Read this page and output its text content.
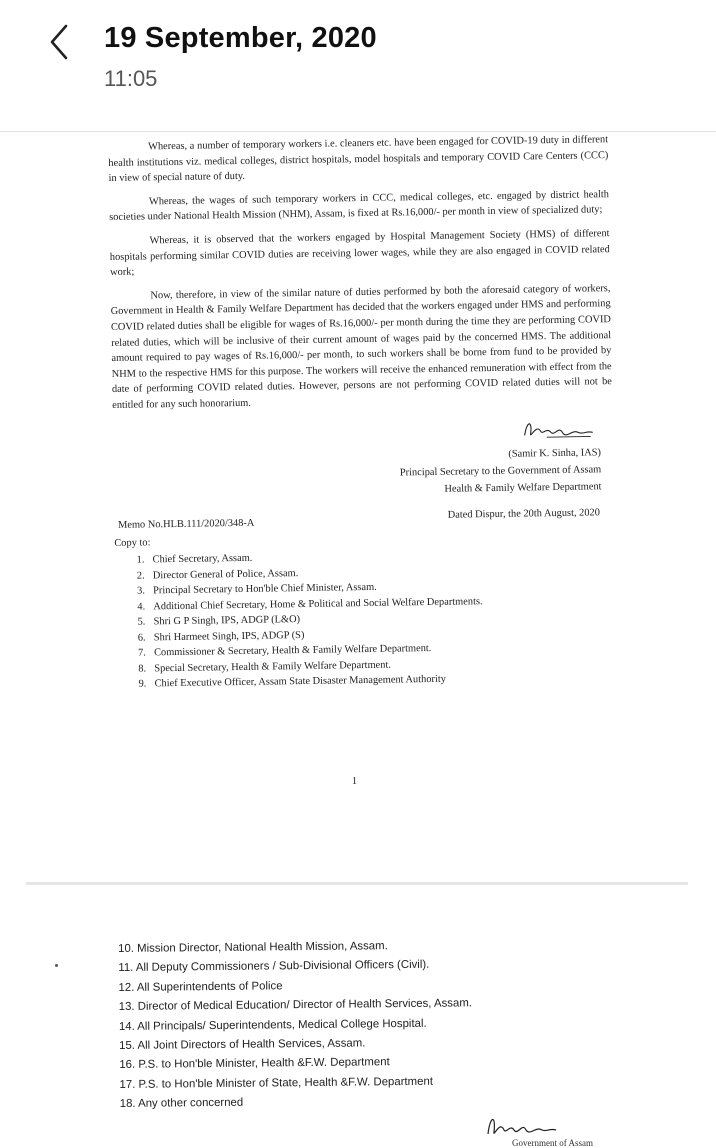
19 September, 2020
11:05

Whereas, a number of temporary workers i.e. cleaners etc. have been engaged for COVID-19 duty in different health institutions viz. medical colleges, district hospitals, model hospitals and temporary COVID Care Centers (CCC) in view of special nature of duty.

Whereas, the wages of such temporary workers in CCC, medical colleges, etc. engaged by district health societies under National Health Mission (NHM), Assam, is fixed at Rs.16,000/- per month in view of specialized duty;

Whereas, it is observed that the workers engaged by Hospital Management Society (HMS) of different hospitals performing similar COVID duties are receiving lower wages, while they are also engaged in COVID related work;

Now, therefore, in view of the similar nature of duties performed by both the aforesaid category of workers, Government in Health & Family Welfare Department has decided that the workers engaged under HMS and performing COVID related duties shall be eligible for wages of Rs.16,000/- per month during the time they are performing COVID related duties, which will be inclusive of their current amount of wages paid by the concerned HMS. The additional amount required to pay wages of Rs.16,000/- per month, to such workers shall be borne from fund to be provided by NHM to the respective HMS for this purpose. The workers will receive the enhanced remuneration with effect from the date of performing COVID related duties. However, persons are not performing COVID related duties will not be entitled for any such honorarium.

(Samir K. Sinha, IAS)
Principal Secretary to the Government of Assam
Health & Family Welfare Department
Memo No.HLB.111/2020/348-A
Dated Dispur, the 20th August, 2020
Copy to:
1. Chief Secretary, Assam.
2. Director General of Police, Assam.
3. Principal Secretary to Hon'ble Chief Minister, Assam.
4. Additional Chief Secretary, Home & Political and Social Welfare Departments.
5. Shri G P Singh, IPS, ADGP (L&O)
6. Shri Harmeet Singh, IPS, ADGP (S)
7. Commissioner & Secretary, Health & Family Welfare Department.
8. Special Secretary, Health & Family Welfare Department.
9. Chief Executive Officer, Assam State Disaster Management Authority
1
10. Mission Director, National Health Mission, Assam.
11. All Deputy Commissioners / Sub-Divisional Officers (Civil).
12. All Superintendents of Police
13. Director of Medical Education/ Director of Health Services, Assam.
14. All Principals/ Superintendents, Medical College Hospital.
15. All Joint Directors of Health Services, Assam.
16. P.S. to Hon'ble Minister, Health &F.W. Department
17. P.S. to Hon'ble Minister of State, Health &F.W. Department
18. Any other concerned
Government of Assam
